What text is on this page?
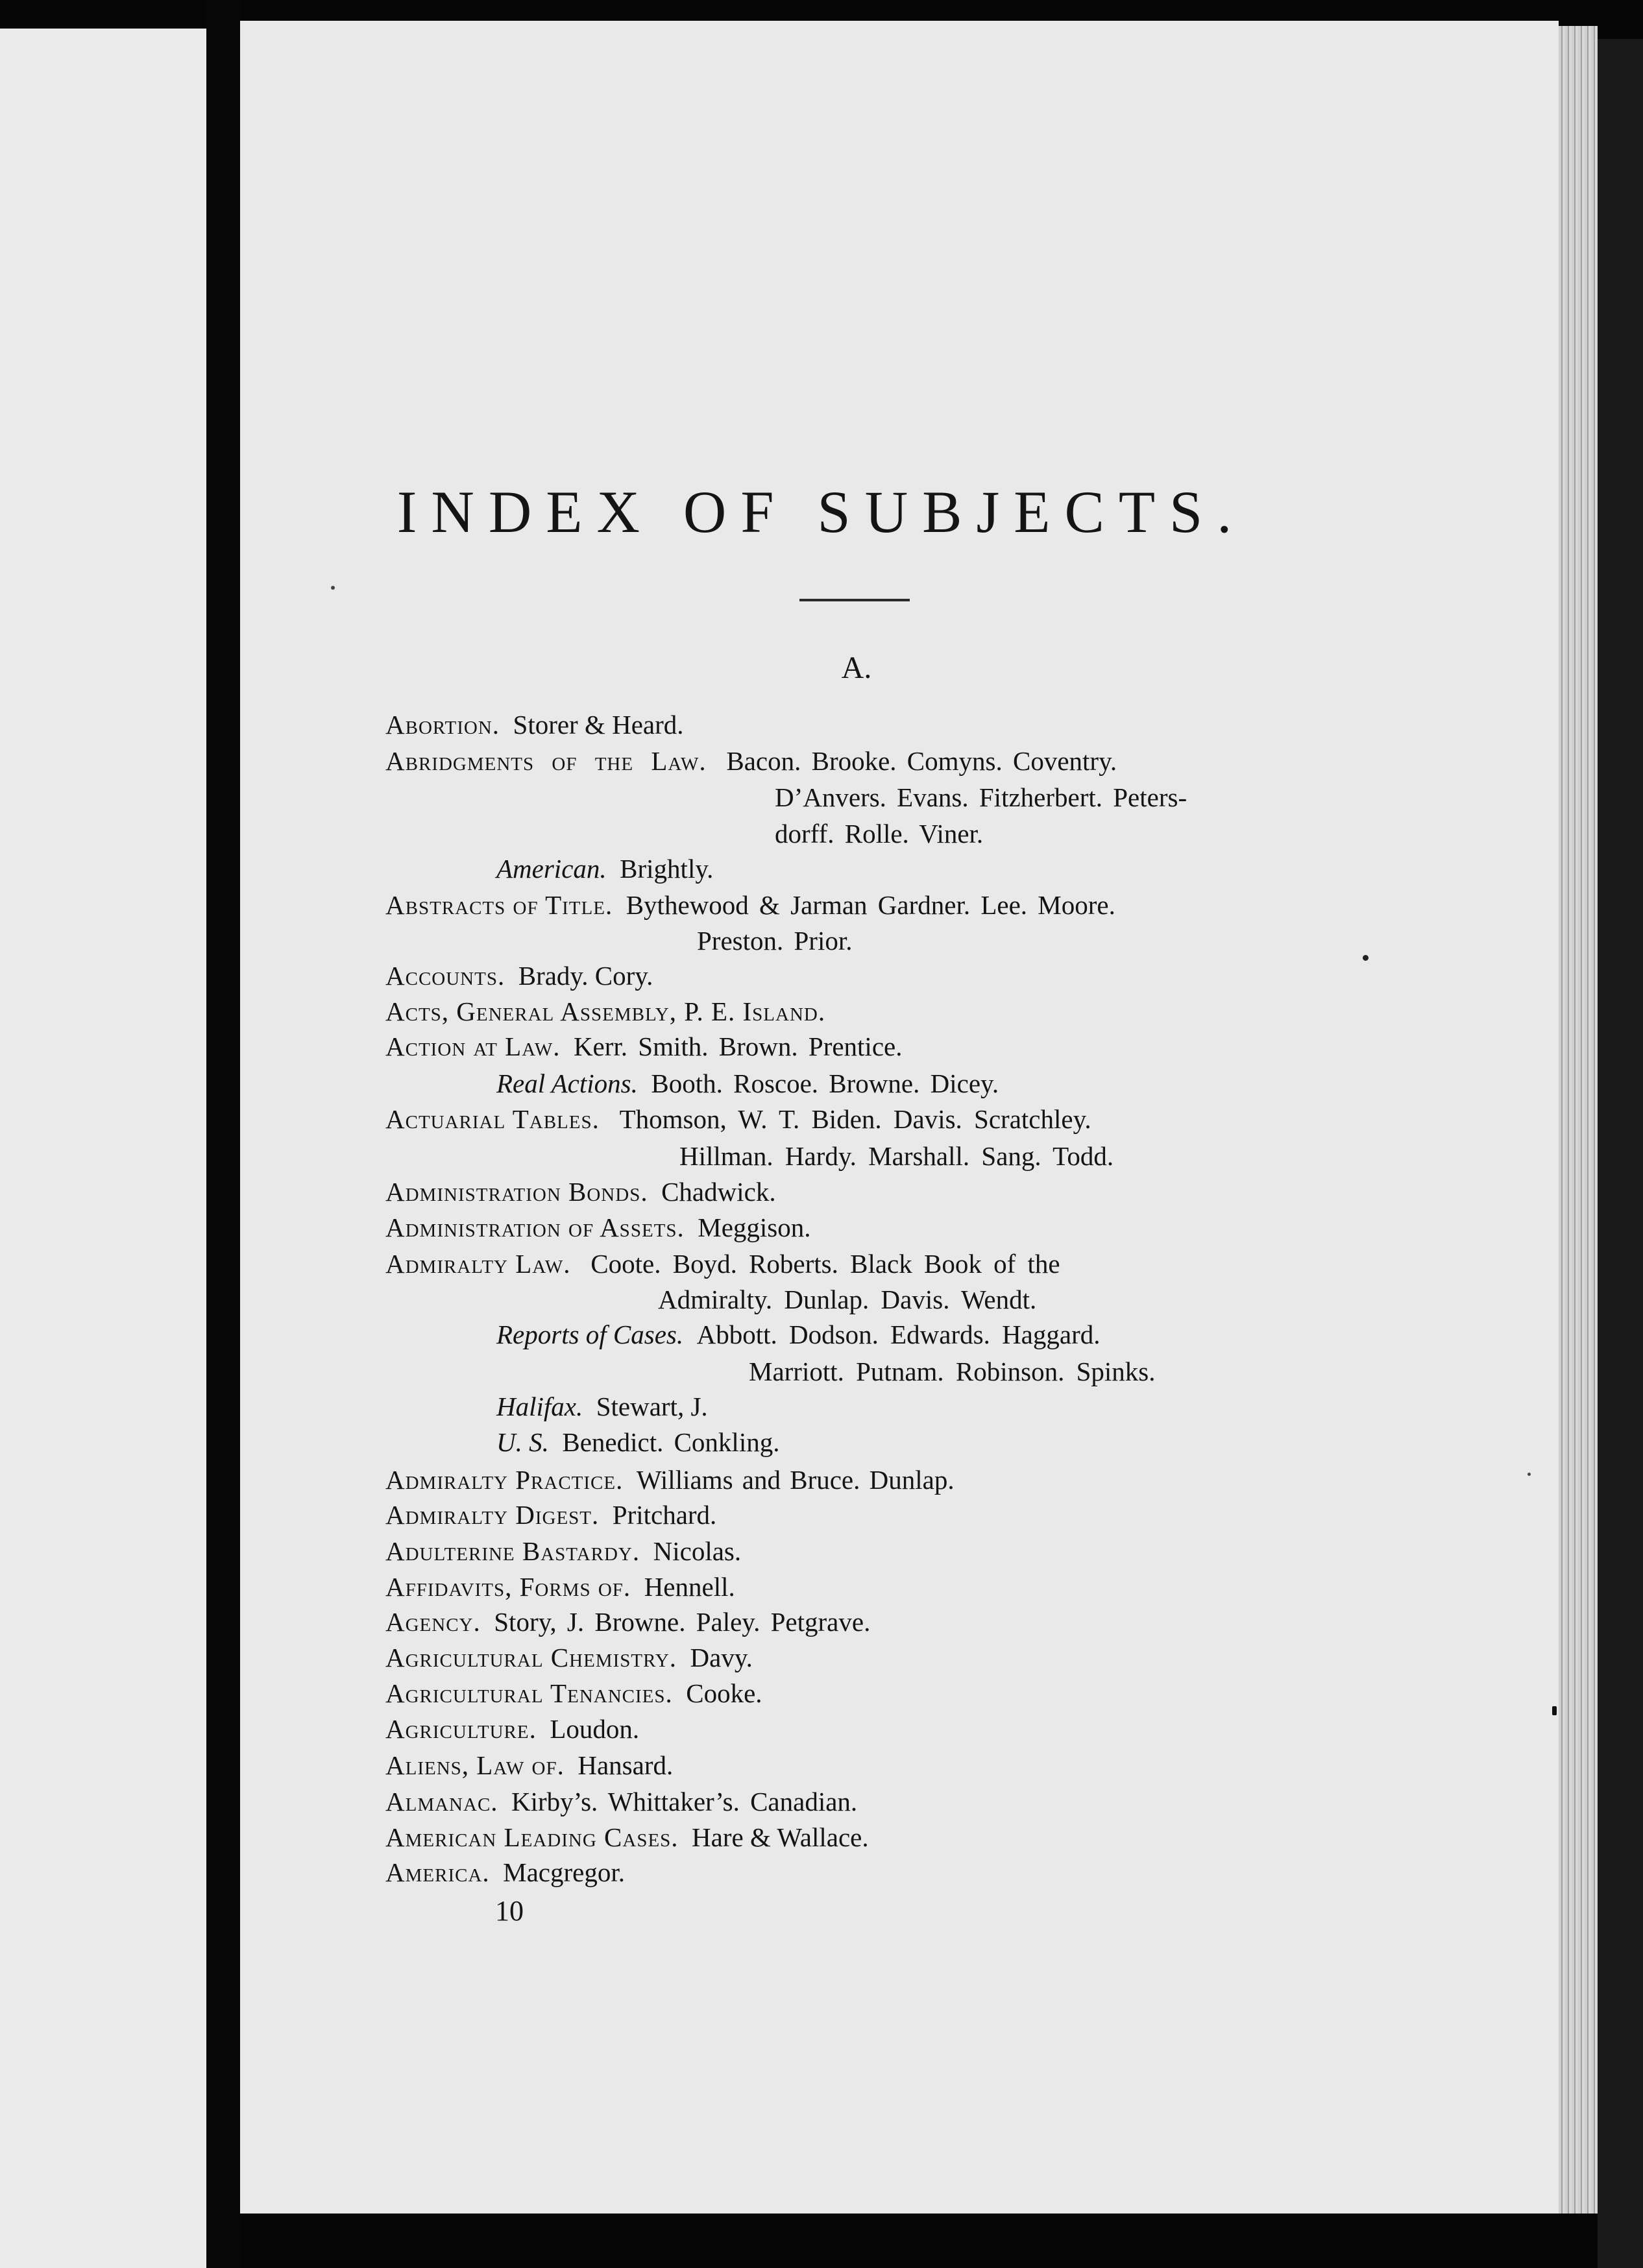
INDEX OF SUBJECTS.
A.
Abortion. Storer & Heard.
Abridgments of the Law. Bacon. Brooke. Comyns. Coventry.
D’Anvers. Evans. Fitzherbert. Peters-
dorff. Rolle. Viner.
American. Brightly.
Abstracts of Title. Bythewood & Jarman Gardner. Lee. Moore.
Preston. Prior.
Accounts. Brady. Cory.
Acts, General Assembly, P. E. Island.
Action at Law. Kerr. Smith. Brown. Prentice.
Real Actions. Booth. Roscoe. Browne. Dicey.
Actuarial Tables. Thomson, W. T. Biden. Davis. Scratchley.
Hillman. Hardy. Marshall. Sang. Todd.
Administration Bonds. Chadwick.
Administration of Assets. Meggison.
Admiralty Law. Coote. Boyd. Roberts. Black Book of the
Admiralty. Dunlap. Davis. Wendt.
Reports of Cases. Abbott. Dodson. Edwards. Haggard.
Marriott. Putnam. Robinson. Spinks.
Halifax. Stewart, J.
U. S. Benedict. Conkling.
Admiralty Practice. Williams and Bruce. Dunlap.
Admiralty Digest. Pritchard.
Adulterine Bastardy. Nicolas.
Affidavits, Forms of. Hennell.
Agency. Story, J. Browne. Paley. Petgrave.
Agricultural Chemistry. Davy.
Agricultural Tenancies. Cooke.
Agriculture. Loudon.
Aliens, Law of. Hansard.
Almanac. Kirby’s. Whittaker’s. Canadian.
American Leading Cases. Hare & Wallace.
America. Macgregor.
10
